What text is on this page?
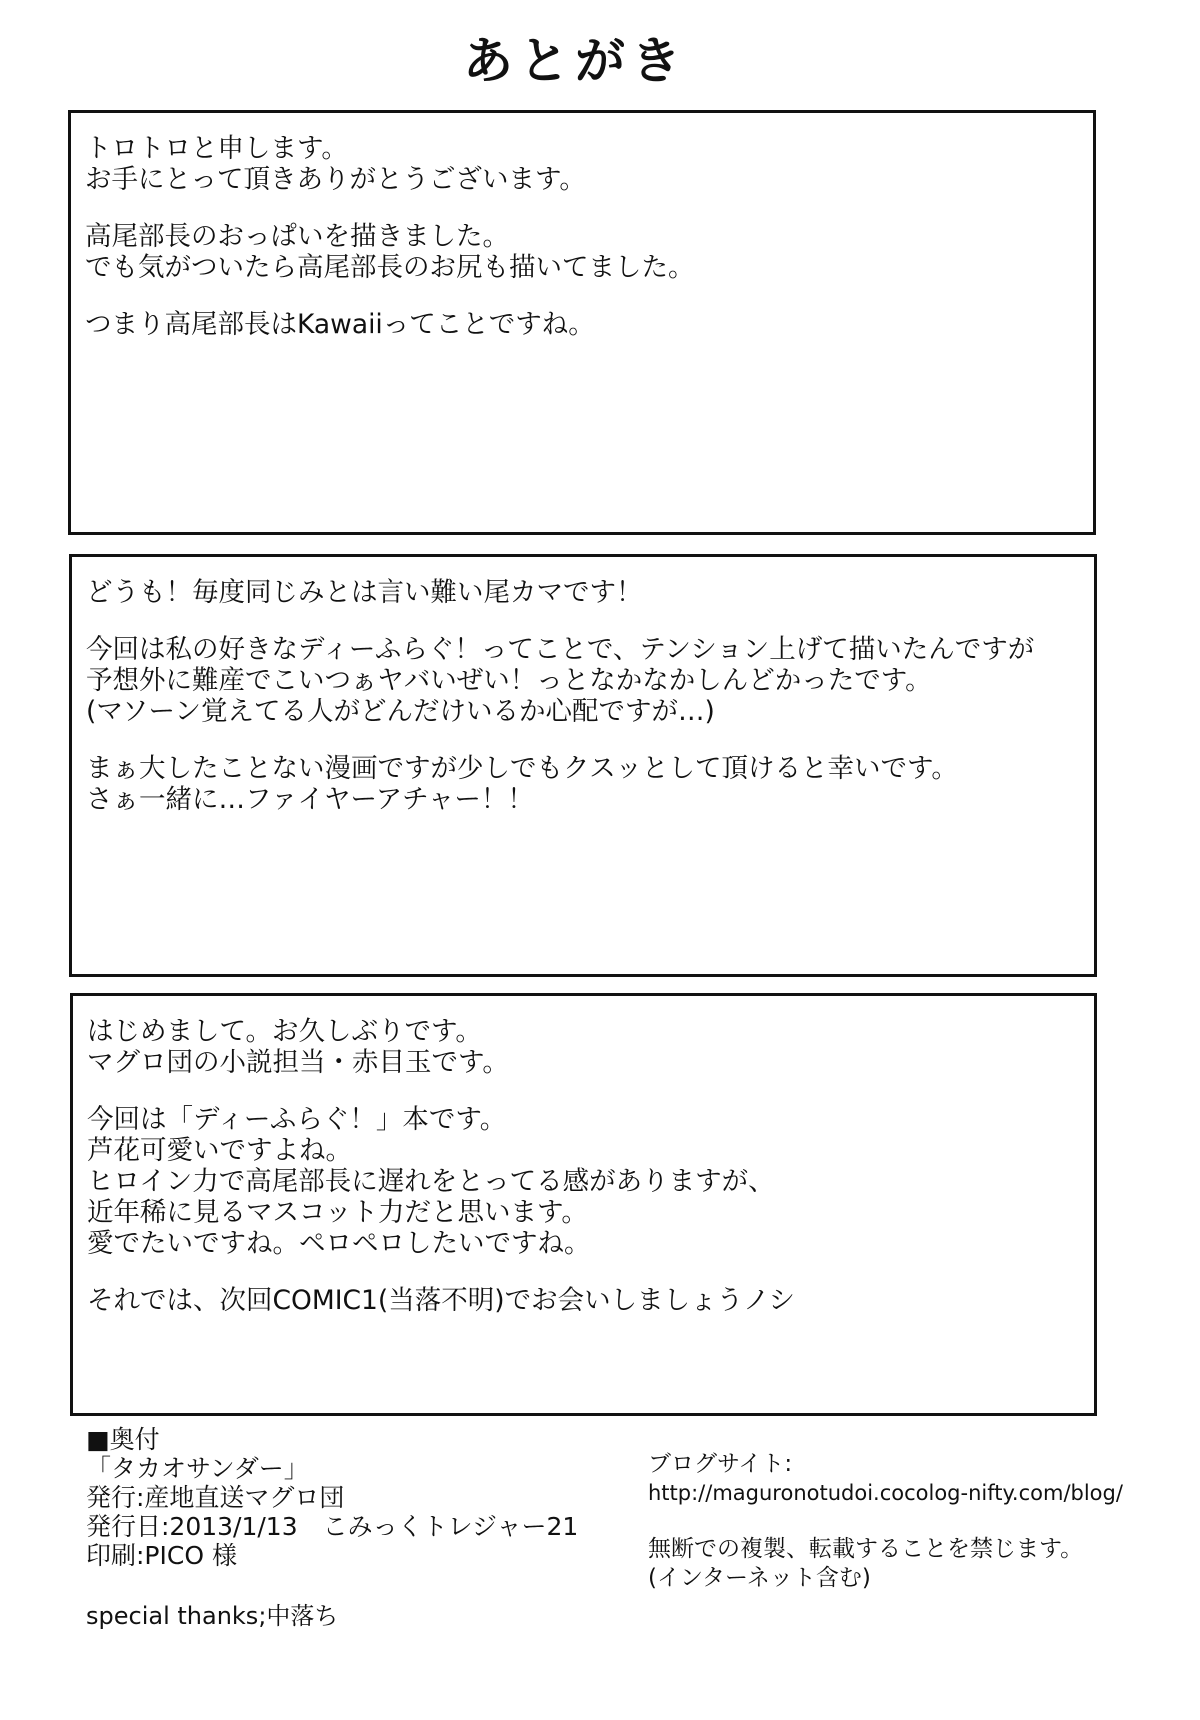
あとがき

トロトロと申します。
お手にとって頂きありがとうございます。

高尾部長のおっぱいを描きました。
でも気がついたら高尾部長のお尻も描いてました。

つまり高尾部長はKawaiiってことですね。

どうも！毎度同じみとは言い難い尾カマです！

今回は私の好きなディーふらぐ！ってことで、テンション上げて描いたんですが
予想外に難産でこいつぁヤバいぜい！っとなかなかしんどかったです。
(マソーン覚えてる人がどんだけいるか心配ですが…)

まぁ大したことない漫画ですが少しでもクスッとして頂けると幸いです。
さぁ一緒に…ファイヤーアチャー！！

はじめまして。お久しぶりです。
マグロ団の小説担当・赤目玉です。

今回は「ディーふらぐ！」本です。
芦花可愛いですよね。
ヒロイン力で高尾部長に遅れをとってる感がありますが、
近年稀に見るマスコット力だと思います。
愛でたいですね。ペロペロしたいですね。

それでは、次回COMIC1(当落不明)でお会いしましょうノシ

■奥付
「タカオサンダー」
発行:産地直送マグロ団
発行日:2013/1/13　こみっくトレジャー21
印刷:PICO 様
special thanks;中落ち
ブログサイト:
http://maguronotudoi.cocolog-nifty.com/blog/
無断での複製、転載することを禁じます。
(インターネット含む)
